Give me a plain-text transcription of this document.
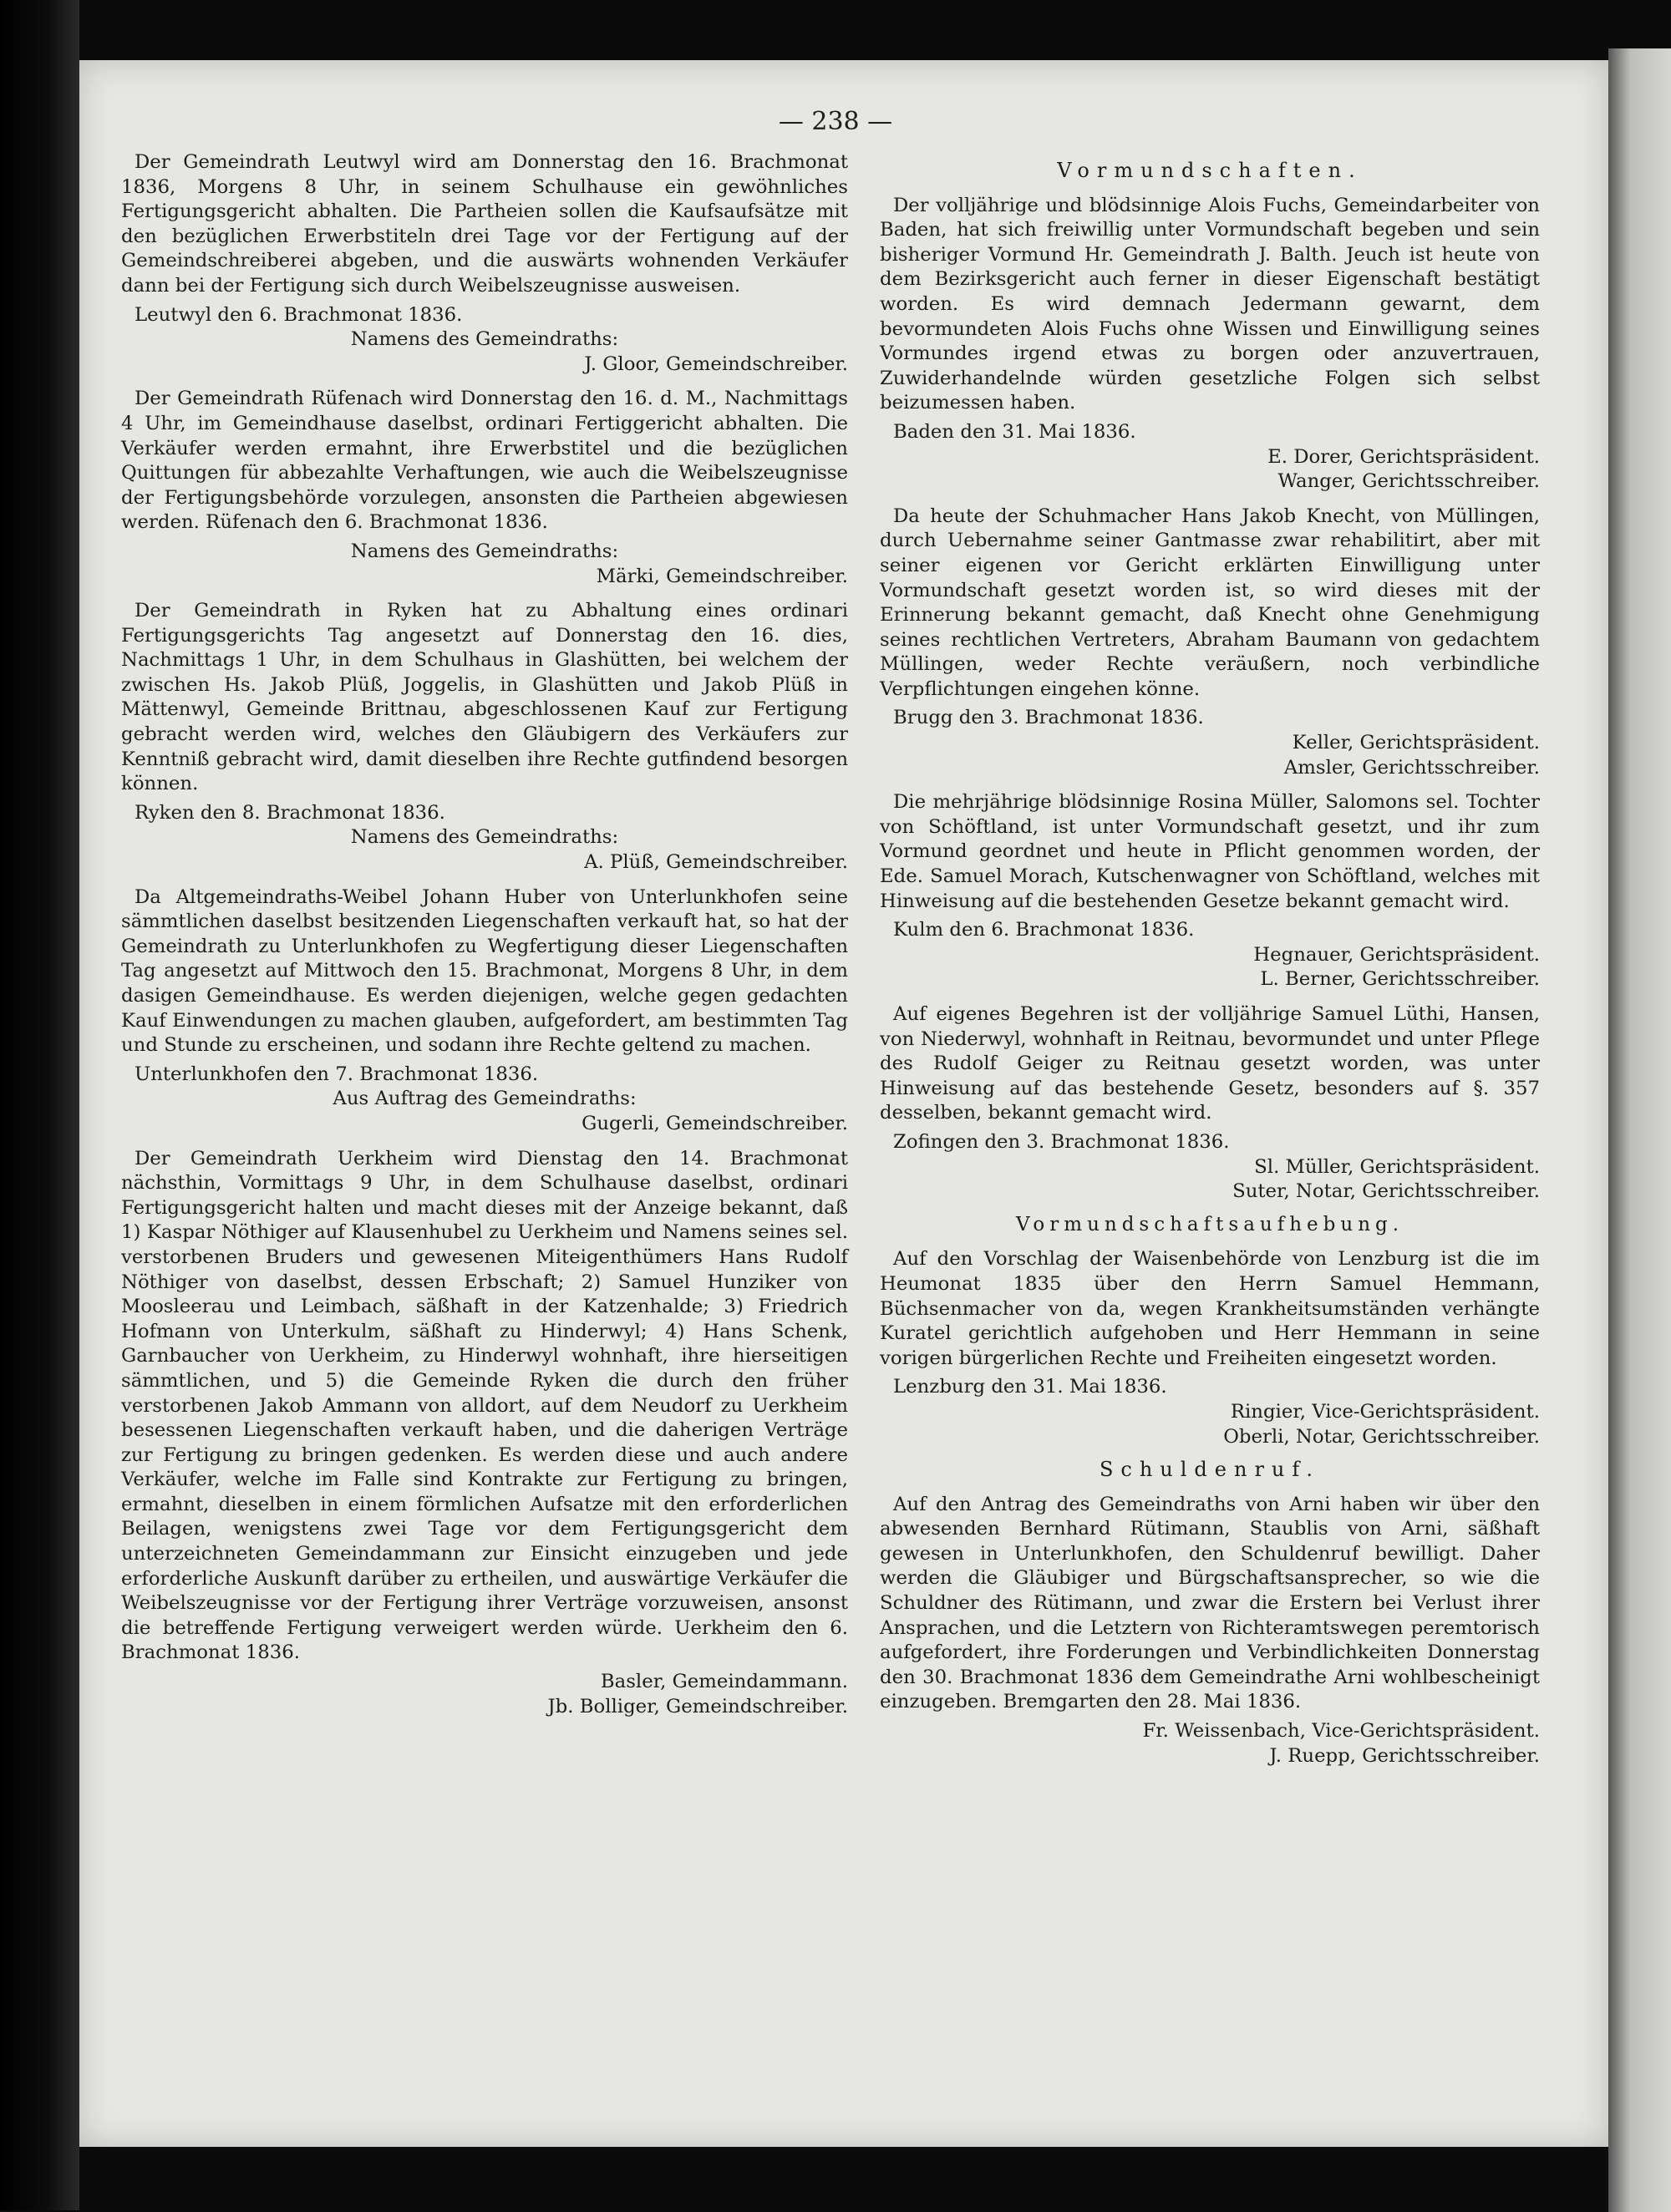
— 238 —

Der Gemeindrath Leutwyl wird am Donnerstag den 16. Brachmonat 1836, Morgens 8 Uhr, in seinem Schulhause ein gewöhnliches Fertigungsgericht abhalten. Die Partheien sollen die Kaufsaufsätze mit den bezüglichen Erwerbstiteln drei Tage vor der Fertigung auf der Gemeindschreiberei abgeben, und die auswärts wohnenden Verkäufer dann bei der Fertigung sich durch Weibelszeugnisse ausweisen.

Leutwyl den 6. Brachmonat 1836.

Namens des Gemeindraths:

J. Gloor, Gemeindschreiber.

Der Gemeindrath Rüfenach wird Donnerstag den 16. d. M., Nachmittags 4 Uhr, im Gemeindhause daselbst, ordinari Fertiggericht abhalten. Die Verkäufer werden ermahnt, ihre Erwerbstitel und die bezüglichen Quittungen für abbezahlte Verhaftungen, wie auch die Weibelszeugnisse der Fertigungsbehörde vorzulegen, ansonsten die Partheien abgewiesen werden. Rüfenach den 6. Brachmonat 1836.

Namens des Gemeindraths:

Märki, Gemeindschreiber.

Der Gemeindrath in Ryken hat zu Abhaltung eines ordinari Fertigungsgerichts Tag angesetzt auf Donnerstag den 16. dies, Nachmittags 1 Uhr, in dem Schulhaus in Glashütten, bei welchem der zwischen Hs. Jakob Plüß, Joggelis, in Glashütten und Jakob Plüß in Mättenwyl, Gemeinde Brittnau, abgeschlossenen Kauf zur Fertigung gebracht werden wird, welches den Gläubigern des Verkäufers zur Kenntniß gebracht wird, damit dieselben ihre Rechte gutfindend besorgen können.

Ryken den 8. Brachmonat 1836.

Namens des Gemeindraths:

A. Plüß, Gemeindschreiber.

Da Altgemeindraths-Weibel Johann Huber von Unterlunkhofen seine sämmtlichen daselbst besitzenden Liegenschaften verkauft hat, so hat der Gemeindrath zu Unterlunkhofen zu Wegfertigung dieser Liegenschaften Tag angesetzt auf Mittwoch den 15. Brachmonat, Morgens 8 Uhr, in dem dasigen Gemeindhause. Es werden diejenigen, welche gegen gedachten Kauf Einwendungen zu machen glauben, aufgefordert, am bestimmten Tag und Stunde zu erscheinen, und sodann ihre Rechte geltend zu machen.

Unterlunkhofen den 7. Brachmonat 1836.

Aus Auftrag des Gemeindraths:

Gugerli, Gemeindschreiber.

Der Gemeindrath Uerkheim wird Dienstag den 14. Brachmonat nächsthin, Vormittags 9 Uhr, in dem Schulhause daselbst, ordinari Fertigungsgericht halten und macht dieses mit der Anzeige bekannt, daß 1) Kaspar Nöthiger auf Klausenhubel zu Uerkheim und Namens seines sel. verstorbenen Bruders und gewesenen Miteigenthümers Hans Rudolf Nöthiger von daselbst, dessen Erbschaft; 2) Samuel Hunziker von Moosleerau und Leimbach, säßhaft in der Katzenhalde; 3) Friedrich Hofmann von Unterkulm, säßhaft zu Hinderwyl; 4) Hans Schenk, Garnbaucher von Uerkheim, zu Hinderwyl wohnhaft, ihre hierseitigen sämmtlichen, und 5) die Gemeinde Ryken die durch den früher verstorbenen Jakob Ammann von alldort, auf dem Neudorf zu Uerkheim besessenen Liegenschaften verkauft haben, und die daherigen Verträge zur Fertigung zu bringen gedenken. Es werden diese und auch andere Verkäufer, welche im Falle sind Kontrakte zur Fertigung zu bringen, ermahnt, dieselben in einem förmlichen Aufsatze mit den erforderlichen Beilagen, wenigstens zwei Tage vor dem Fertigungsgericht dem unterzeichneten Gemeindammann zur Einsicht einzugeben und jede erforderliche Auskunft darüber zu ertheilen, und auswärtige Verkäufer die Weibelszeugnisse vor der Fertigung ihrer Verträge vorzuweisen, ansonst die betreffende Fertigung verweigert werden würde. Uerkheim den 6. Brachmonat 1836.

Basler, Gemeindammann.

Jb. Bolliger, Gemeindschreiber.

Vormundschaften.

Der volljährige und blödsinnige Alois Fuchs, Gemeindarbeiter von Baden, hat sich freiwillig unter Vormundschaft begeben und sein bisheriger Vormund Hr. Gemeindrath J. Balth. Jeuch ist heute von dem Bezirksgericht auch ferner in dieser Eigenschaft bestätigt worden. Es wird demnach Jedermann gewarnt, dem bevormundeten Alois Fuchs ohne Wissen und Einwilligung seines Vormundes irgend etwas zu borgen oder anzuvertrauen, Zuwiderhandelnde würden gesetzliche Folgen sich selbst beizumessen haben.

Baden den 31. Mai 1836.

E. Dorer, Gerichtspräsident.

Wanger, Gerichtsschreiber.

Da heute der Schuhmacher Hans Jakob Knecht, von Müllingen, durch Uebernahme seiner Gantmasse zwar rehabilitirt, aber mit seiner eigenen vor Gericht erklärten Einwilligung unter Vormundschaft gesetzt worden ist, so wird dieses mit der Erinnerung bekannt gemacht, daß Knecht ohne Genehmigung seines rechtlichen Vertreters, Abraham Baumann von gedachtem Müllingen, weder Rechte veräußern, noch verbindliche Verpflichtungen eingehen könne.

Brugg den 3. Brachmonat 1836.

Keller, Gerichtspräsident.

Amsler, Gerichtsschreiber.

Die mehrjährige blödsinnige Rosina Müller, Salomons sel. Tochter von Schöftland, ist unter Vormundschaft gesetzt, und ihr zum Vormund geordnet und heute in Pflicht genommen worden, der Ede. Samuel Morach, Kutschenwagner von Schöftland, welches mit Hinweisung auf die bestehenden Gesetze bekannt gemacht wird.

Kulm den 6. Brachmonat 1836.

Hegnauer, Gerichtspräsident.

L. Berner, Gerichtsschreiber.

Auf eigenes Begehren ist der volljährige Samuel Lüthi, Hansen, von Niederwyl, wohnhaft in Reitnau, bevormundet und unter Pflege des Rudolf Geiger zu Reitnau gesetzt worden, was unter Hinweisung auf das bestehende Gesetz, besonders auf §. 357 desselben, bekannt gemacht wird.

Zofingen den 3. Brachmonat 1836.

Sl. Müller, Gerichtspräsident.

Suter, Notar, Gerichtsschreiber.

Vormundschaftsaufhebung.

Auf den Vorschlag der Waisenbehörde von Lenzburg ist die im Heumonat 1835 über den Herrn Samuel Hemmann, Büchsenmacher von da, wegen Krankheitsumständen verhängte Kuratel gerichtlich aufgehoben und Herr Hemmann in seine vorigen bürgerlichen Rechte und Freiheiten eingesetzt worden.

Lenzburg den 31. Mai 1836.

Ringier, Vice-Gerichtspräsident.

Oberli, Notar, Gerichtsschreiber.

Schuldenruf.

Auf den Antrag des Gemeindraths von Arni haben wir über den abwesenden Bernhard Rütimann, Staublis von Arni, säßhaft gewesen in Unterlunkhofen, den Schuldenruf bewilligt. Daher werden die Gläubiger und Bürgschaftsansprecher, so wie die Schuldner des Rütimann, und zwar die Erstern bei Verlust ihrer Ansprachen, und die Letztern von Richteramtswegen peremtorisch aufgefordert, ihre Forderungen und Verbindlichkeiten Donnerstag den 30. Brachmonat 1836 dem Gemeindrathe Arni wohlbescheinigt einzugeben. Bremgarten den 28. Mai 1836.

Fr. Weissenbach, Vice-Gerichtspräsident.

J. Ruepp, Gerichtsschreiber.
